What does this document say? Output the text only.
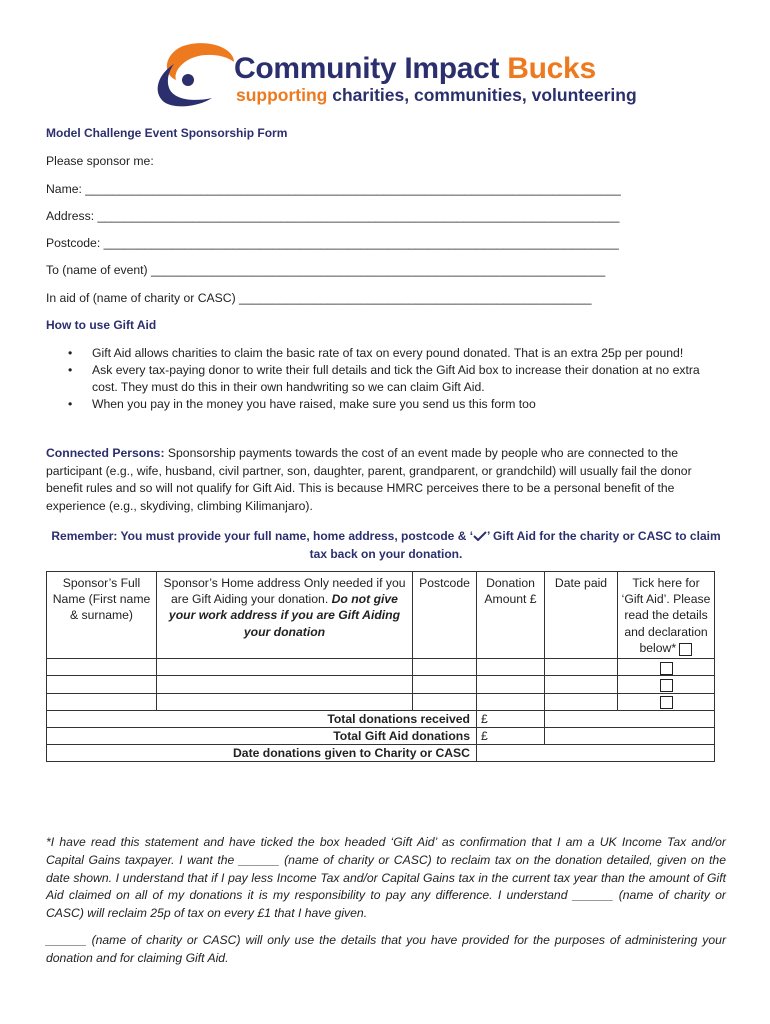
Community Impact Bucks
supporting charities, communities, volunteering
Model Challenge Event Sponsorship Form
Please sponsor me:
Name: _______________________________________________________________________________
Address: _____________________________________________________________________________
Postcode: ____________________________________________________________________________
To (name of event) ___________________________________________________________________
In aid of (name of charity or CASC) ____________________________________________________
How to use Gift Aid
• Gift Aid allows charities to claim the basic rate of tax on every pound donated. That is an extra 25p per pound!
• Ask every tax-paying donor to write their full details and tick the Gift Aid box to increase their donation at no extra cost. They must do this in their own handwriting so we can claim Gift Aid.
• When you pay in the money you have raised, make sure you send us this form too
Connected Persons: Sponsorship payments towards the cost of an event made by people who are connected to the participant (e.g., wife, husband, civil partner, son, daughter, parent, grandparent, or grandchild) will usually fail the donor benefit rules and so will not qualify for Gift Aid. This is because HMRC perceives there to be a personal benefit of the experience (e.g., skydiving, climbing Kilimanjaro).
Remember: You must provide your full name, home address, postcode & ‘ ’ Gift Aid for the charity or CASC to claim tax back on your donation.
Sponsor’s Full Name (First name & surname)	Sponsor’s Home address Only needed if you are Gift Aiding your donation. Do not give your work address if you are Gift Aiding your donation	Postcode	Donation Amount £	Date paid	Tick here for ‘Gift Aid’. Please read the details and declaration below*

Total donations received			£		
Total Gift Aid donations			£		
Date donations given to Charity or CASC					
*I have read this statement and have ticked the box headed ‘Gift Aid’ as confirmation that I am a UK Income Tax and/or Capital Gains taxpayer. I want the ______ (name of charity or CASC) to reclaim tax on the donation detailed, given on the date shown. I understand that if I pay less Income Tax and/or Capital Gains tax in the current tax year than the amount of Gift Aid claimed on all of my donations it is my responsibility to pay any difference. I understand ______ (name of charity or CASC) will reclaim 25p of tax on every £1 that I have given.
______ (name of charity or CASC) will only use the details that you have provided for the purposes of administering your donation and for claiming Gift Aid.
